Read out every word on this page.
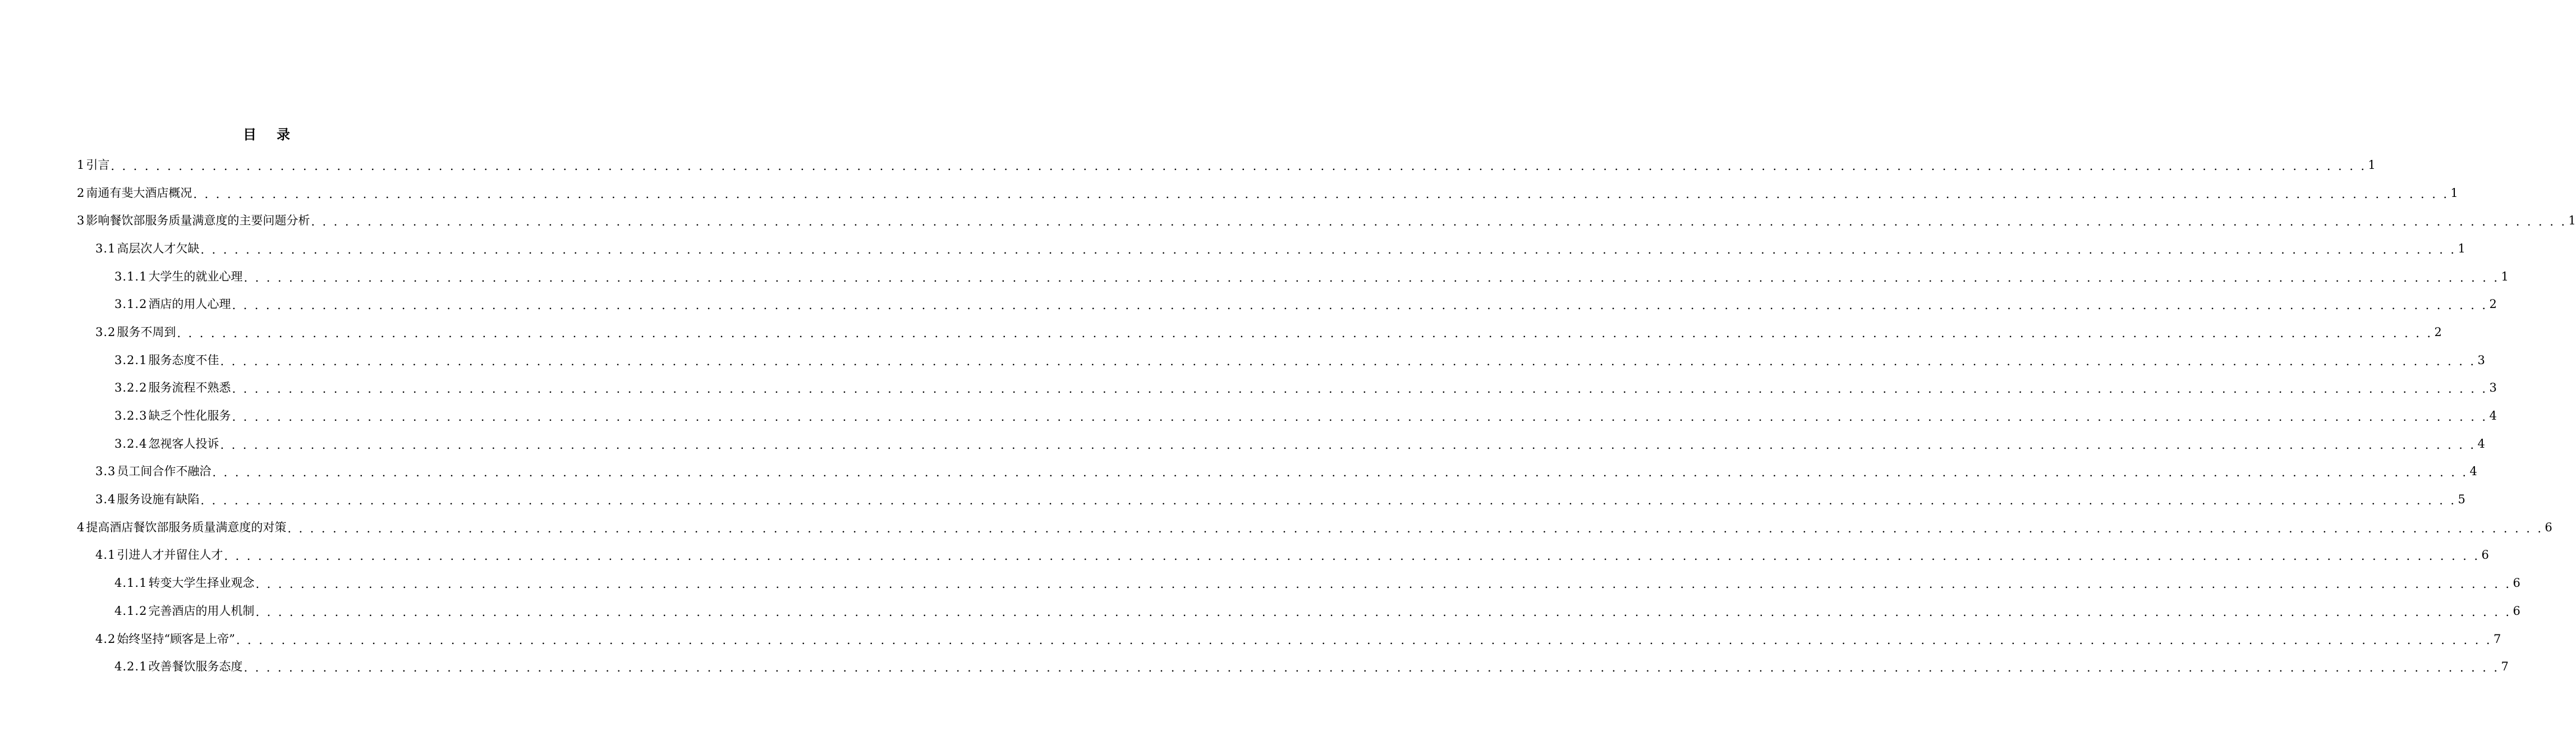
目 录
1 引言 . . . . . . . . . . . . . . . . . . . . . . . . . . . . . . . . . . . . . . . . . . . . . . . . . . . . . . . . . . . . . . . . . . . . . . . . . . . . . . . . . . . . . . . . . . . . . . . . . . . . . . . . . . . . . . . . . . . . . . . . . . . . . . . . . . . . . . . . . . . . . . . . . . . . . . . . . . . . . . . . . . . . . . . . . . . . . . . . . . . . . . . . . . . . . . . . . . . . . . . . 1
2 南通有斐大酒店概况 . . . . . . . . . . . . . . . . . . . . . . . . . . . . . . . . . . . . . . . . . . . . . . . . . . . . . . . . . . . . . . . . . . . . . . . . . . . . . . . . . . . . . . . . . . . . . . . . . . . . . . . . . . . . . . . . . . . . . . . . . . . . . . . . . . . . . . . . . . . . . . . . . . . . . . . . . . . . . . . . . . . . . . . . . . . . . . . . . . . . . . . . . . . . . . . . . . . . . . . . 1
3 影响餐饮部服务质量满意度的主要问题分析 . . . . . . . . . . . . . . . . . . . . . . . . . . . . . . . . . . . . . . . . . . . . . . . . . . . . . . . . . . . . . . . . . . . . . . . . . . . . . . . . . . . . . . . . . . . . . . . . . . . . . . . . . . . . . . . . . . . . . . . . . . . . . . . . . . . . . . . . . . . . . . . . . . . . . . . . . . . . . . . . . . . . . . . . . . . . . . . . . . . . . . . . . . . . . . . . . . . . . . . . 1
3.1 高层次人才欠缺 . . . . . . . . . . . . . . . . . . . . . . . . . . . . . . . . . . . . . . . . . . . . . . . . . . . . . . . . . . . . . . . . . . . . . . . . . . . . . . . . . . . . . . . . . . . . . . . . . . . . . . . . . . . . . . . . . . . . . . . . . . . . . . . . . . . . . . . . . . . . . . . . . . . . . . . . . . . . . . . . . . . . . . . . . . . . . . . . . . . . . . . . . . . . . . . . . . . . . . . . 1
3.1.1 大学生的就业心理 . . . . . . . . . . . . . . . . . . . . . . . . . . . . . . . . . . . . . . . . . . . . . . . . . . . . . . . . . . . . . . . . . . . . . . . . . . . . . . . . . . . . . . . . . . . . . . . . . . . . . . . . . . . . . . . . . . . . . . . . . . . . . . . . . . . . . . . . . . . . . . . . . . . . . . . . . . . . . . . . . . . . . . . . . . . . . . . . . . . . . . . . . . . . . . . . . . . . . . . . 1
3.1.2 酒店的用人心理 . . . . . . . . . . . . . . . . . . . . . . . . . . . . . . . . . . . . . . . . . . . . . . . . . . . . . . . . . . . . . . . . . . . . . . . . . . . . . . . . . . . . . . . . . . . . . . . . . . . . . . . . . . . . . . . . . . . . . . . . . . . . . . . . . . . . . . . . . . . . . . . . . . . . . . . . . . . . . . . . . . . . . . . . . . . . . . . . . . . . . . . . . . . . . . . . . . . . . . . . 2
3.2 服务不周到 . . . . . . . . . . . . . . . . . . . . . . . . . . . . . . . . . . . . . . . . . . . . . . . . . . . . . . . . . . . . . . . . . . . . . . . . . . . . . . . . . . . . . . . . . . . . . . . . . . . . . . . . . . . . . . . . . . . . . . . . . . . . . . . . . . . . . . . . . . . . . . . . . . . . . . . . . . . . . . . . . . . . . . . . . . . . . . . . . . . . . . . . . . . . . . . . . . . . . . . . 2
3.2.1 服务态度不佳 . . . . . . . . . . . . . . . . . . . . . . . . . . . . . . . . . . . . . . . . . . . . . . . . . . . . . . . . . . . . . . . . . . . . . . . . . . . . . . . . . . . . . . . . . . . . . . . . . . . . . . . . . . . . . . . . . . . . . . . . . . . . . . . . . . . . . . . . . . . . . . . . . . . . . . . . . . . . . . . . . . . . . . . . . . . . . . . . . . . . . . . . . . . . . . . . . . . . . . . . 3
3.2.2 服务流程不熟悉 . . . . . . . . . . . . . . . . . . . . . . . . . . . . . . . . . . . . . . . . . . . . . . . . . . . . . . . . . . . . . . . . . . . . . . . . . . . . . . . . . . . . . . . . . . . . . . . . . . . . . . . . . . . . . . . . . . . . . . . . . . . . . . . . . . . . . . . . . . . . . . . . . . . . . . . . . . . . . . . . . . . . . . . . . . . . . . . . . . . . . . . . . . . . . . . . . . . . . . . . 3
3.2.3 缺乏个性化服务 . . . . . . . . . . . . . . . . . . . . . . . . . . . . . . . . . . . . . . . . . . . . . . . . . . . . . . . . . . . . . . . . . . . . . . . . . . . . . . . . . . . . . . . . . . . . . . . . . . . . . . . . . . . . . . . . . . . . . . . . . . . . . . . . . . . . . . . . . . . . . . . . . . . . . . . . . . . . . . . . . . . . . . . . . . . . . . . . . . . . . . . . . . . . . . . . . . . . . . . . 4
3.2.4 忽视客人投诉 . . . . . . . . . . . . . . . . . . . . . . . . . . . . . . . . . . . . . . . . . . . . . . . . . . . . . . . . . . . . . . . . . . . . . . . . . . . . . . . . . . . . . . . . . . . . . . . . . . . . . . . . . . . . . . . . . . . . . . . . . . . . . . . . . . . . . . . . . . . . . . . . . . . . . . . . . . . . . . . . . . . . . . . . . . . . . . . . . . . . . . . . . . . . . . . . . . . . . . . . 4
3.3 员工间合作不融洽 . . . . . . . . . . . . . . . . . . . . . . . . . . . . . . . . . . . . . . . . . . . . . . . . . . . . . . . . . . . . . . . . . . . . . . . . . . . . . . . . . . . . . . . . . . . . . . . . . . . . . . . . . . . . . . . . . . . . . . . . . . . . . . . . . . . . . . . . . . . . . . . . . . . . . . . . . . . . . . . . . . . . . . . . . . . . . . . . . . . . . . . . . . . . . . . . . . . . . . . . 4
3.4 服务设施有缺陷 . . . . . . . . . . . . . . . . . . . . . . . . . . . . . . . . . . . . . . . . . . . . . . . . . . . . . . . . . . . . . . . . . . . . . . . . . . . . . . . . . . . . . . . . . . . . . . . . . . . . . . . . . . . . . . . . . . . . . . . . . . . . . . . . . . . . . . . . . . . . . . . . . . . . . . . . . . . . . . . . . . . . . . . . . . . . . . . . . . . . . . . . . . . . . . . . . . . . . . . . 5
4 提高酒店餐饮部服务质量满意度的对策 . . . . . . . . . . . . . . . . . . . . . . . . . . . . . . . . . . . . . . . . . . . . . . . . . . . . . . . . . . . . . . . . . . . . . . . . . . . . . . . . . . . . . . . . . . . . . . . . . . . . . . . . . . . . . . . . . . . . . . . . . . . . . . . . . . . . . . . . . . . . . . . . . . . . . . . . . . . . . . . . . . . . . . . . . . . . . . . . . . . . . . . . . . . . . . . . . . . . . . . . 6
4.1 引进人才并留住人才 . . . . . . . . . . . . . . . . . . . . . . . . . . . . . . . . . . . . . . . . . . . . . . . . . . . . . . . . . . . . . . . . . . . . . . . . . . . . . . . . . . . . . . . . . . . . . . . . . . . . . . . . . . . . . . . . . . . . . . . . . . . . . . . . . . . . . . . . . . . . . . . . . . . . . . . . . . . . . . . . . . . . . . . . . . . . . . . . . . . . . . . . . . . . . . . . . . . . . . . . 6
4.1.1 转变大学生择业观念 . . . . . . . . . . . . . . . . . . . . . . . . . . . . . . . . . . . . . . . . . . . . . . . . . . . . . . . . . . . . . . . . . . . . . . . . . . . . . . . . . . . . . . . . . . . . . . . . . . . . . . . . . . . . . . . . . . . . . . . . . . . . . . . . . . . . . . . . . . . . . . . . . . . . . . . . . . . . . . . . . . . . . . . . . . . . . . . . . . . . . . . . . . . . . . . . . . . . . . . . 6
4.1.2 完善酒店的用人机制 . . . . . . . . . . . . . . . . . . . . . . . . . . . . . . . . . . . . . . . . . . . . . . . . . . . . . . . . . . . . . . . . . . . . . . . . . . . . . . . . . . . . . . . . . . . . . . . . . . . . . . . . . . . . . . . . . . . . . . . . . . . . . . . . . . . . . . . . . . . . . . . . . . . . . . . . . . . . . . . . . . . . . . . . . . . . . . . . . . . . . . . . . . . . . . . . . . . . . . . . 6
4.2 始终坚持“顾客是上帝” . . . . . . . . . . . . . . . . . . . . . . . . . . . . . . . . . . . . . . . . . . . . . . . . . . . . . . . . . . . . . . . . . . . . . . . . . . . . . . . . . . . . . . . . . . . . . . . . . . . . . . . . . . . . . . . . . . . . . . . . . . . . . . . . . . . . . . . . . . . . . . . . . . . . . . . . . . . . . . . . . . . . . . . . . . . . . . . . . . . . . . . . . . . . . . . . . . . . . . . . 7
4.2.1 改善餐饮服务态度 . . . . . . . . . . . . . . . . . . . . . . . . . . . . . . . . . . . . . . . . . . . . . . . . . . . . . . . . . . . . . . . . . . . . . . . . . . . . . . . . . . . . . . . . . . . . . . . . . . . . . . . . . . . . . . . . . . . . . . . . . . . . . . . . . . . . . . . . . . . . . . . . . . . . . . . . . . . . . . . . . . . . . . . . . . . . . . . . . . . . . . . . . . . . . . . . . . . . . . . . 7
